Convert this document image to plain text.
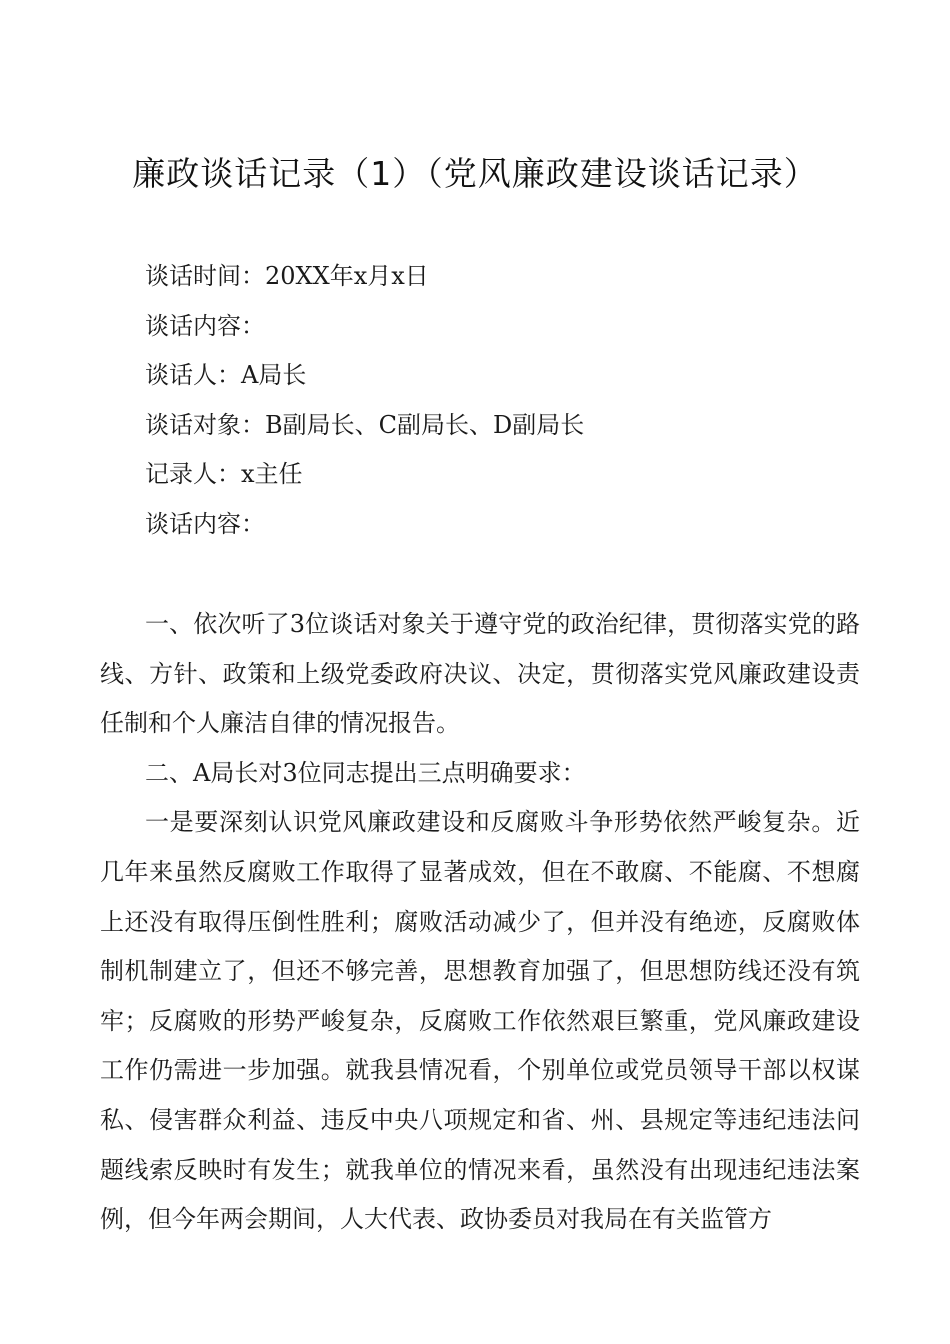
廉政谈话记录（1）（党风廉政建设谈话记录）
谈话时间：20XX年x月x日
谈话内容：
谈话人：A局长
谈话对象：B副局长、C副局长、D副局长
记录人：x主任
谈话内容：

一、依次听了3位谈话对象关于遵守党的政治纪律，贯彻落实党的路线、方针、政策和上级党委政府决议、决定，贯彻落实党风廉政建设责任制和个人廉洁自律的情况报告。

二、A局长对3位同志提出三点明确要求：

一是要深刻认识党风廉政建设和反腐败斗争形势依然严峻复杂。近几年来虽然反腐败工作取得了显著成效，但在不敢腐、不能腐、不想腐上还没有取得压倒性胜利；腐败活动减少了，但并没有绝迹，反腐败体制机制建立了，但还不够完善，思想教育加强了，但思想防线还没有筑牢；反腐败的形势严峻复杂，反腐败工作依然艰巨繁重，党风廉政建设工作仍需进一步加强。就我县情况看，个别单位或党员领导干部以权谋私、侵害群众利益、违反中央八项规定和省、州、县规定等违纪违法问题线索反映时有发生；就我单位的情况来看，虽然没有出现违纪违法案例，但今年两会期间，人大代表、政协委员对我局在有关监管方
